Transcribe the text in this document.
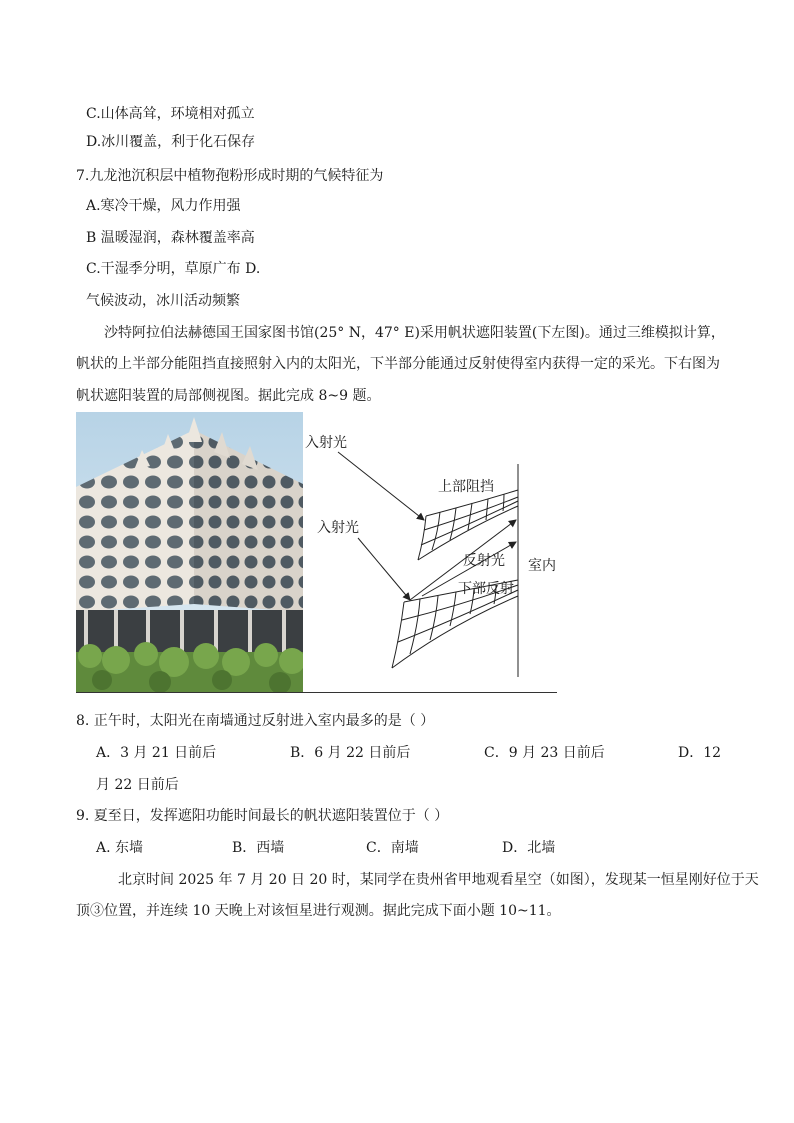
C.山体高耸，环境相对孤立
D.冰川覆盖，利于化石保存
7.九龙池沉积层中植物孢粉形成时期的气候特征为
A.寒冷干燥，风力作用强
B 温暖湿润，森林覆盖率高
C.干湿季分明，草原广布 D.
气候波动，冰川活动频繁
沙特阿拉伯法赫德国王国家图书馆(25° N，47° E)采用帆状遮阳装置(下左图)。通过三维模拟计算，
帆状的上半部分能阻挡直接照射入内的太阳光，下半部分能通过反射使得室内获得一定的采光。下右图为
帆状遮阳装置的局部侧视图。据此完成 8~9 题。
入射光
入射光
上部阻挡
反射光
下部反射
室内
8. 正午时，太阳光在南墙通过反射进入室内最多的是（ ）
A．3 月 21 日前后	B．6 月 22 日前后	C．9 月 23 日前后	D．12
月 22 日前后
9. 夏至日，发挥遮阳功能时间最长的帆状遮阳装置位于（ ）
A. 东墙	B．西墙	C．南墙	D．北墙
北京时间 2025 年 7 月 20 日 20 时，某同学在贵州省甲地观看星空（如图），发现某一恒星刚好位于天
顶③位置，并连续 10 天晚上对该恒星进行观测。据此完成下面小题 10~11。
